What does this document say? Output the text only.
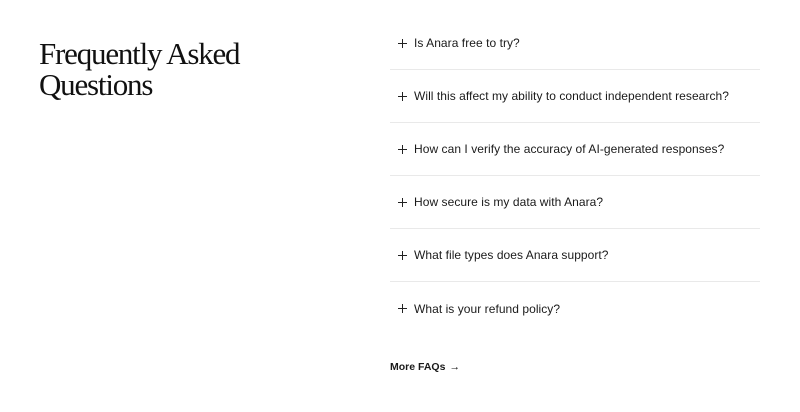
Frequently Asked
Questions
Is Anara free to try?
Will this affect my ability to conduct independent research?
How can I verify the accuracy of AI-generated responses?
How secure is my data with Anara?
What file types does Anara support?
What is your refund policy?
More FAQs →
